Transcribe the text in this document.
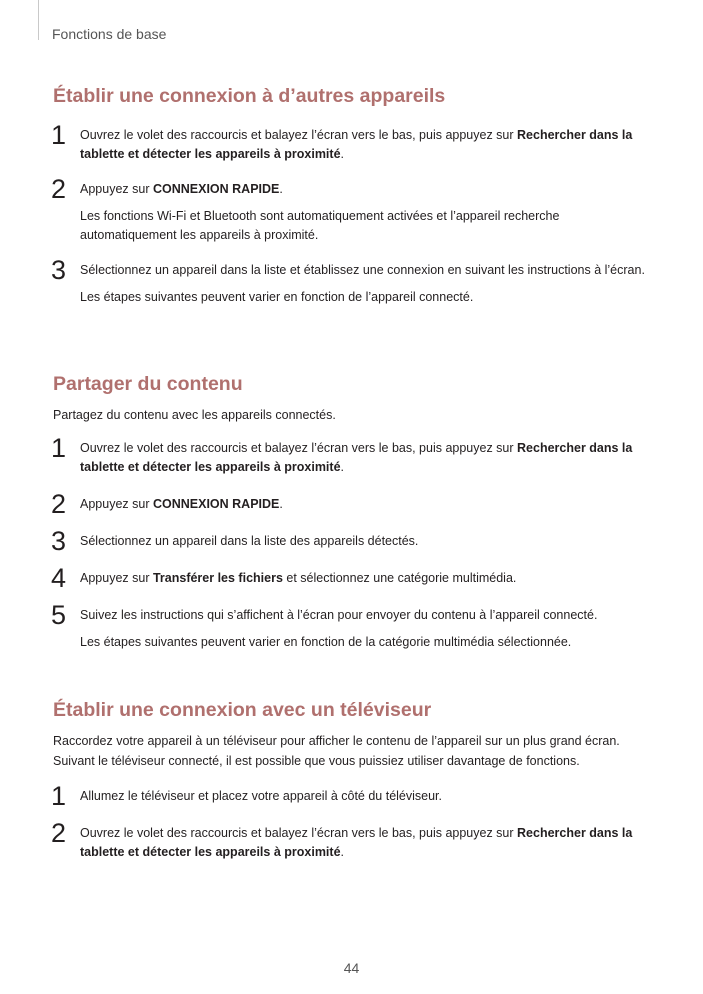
Fonctions de base
Établir une connexion à d’autres appareils
1 Ouvrez le volet des raccourcis et balayez l’écran vers le bas, puis appuyez sur Rechercher dans la tablette et détecter les appareils à proximité.

2 Appuyez sur CONNEXION RAPIDE.

Les fonctions Wi-Fi et Bluetooth sont automatiquement activées et l’appareil recherche automatiquement les appareils à proximité.

3 Sélectionnez un appareil dans la liste et établissez une connexion en suivant les instructions à l’écran.

Les étapes suivantes peuvent varier en fonction de l’appareil connecté.

Partager du contenu

Partagez du contenu avec les appareils connectés.

1 Ouvrez le volet des raccourcis et balayez l’écran vers le bas, puis appuyez sur Rechercher dans la tablette et détecter les appareils à proximité.

2 Appuyez sur CONNEXION RAPIDE.

3 Sélectionnez un appareil dans la liste des appareils détectés.

4 Appuyez sur Transférer les fichiers et sélectionnez une catégorie multimédia.

5 Suivez les instructions qui s’affichent à l’écran pour envoyer du contenu à l’appareil connecté.

Les étapes suivantes peuvent varier en fonction de la catégorie multimédia sélectionnée.

Établir une connexion avec un téléviseur

Raccordez votre appareil à un téléviseur pour afficher le contenu de l’appareil sur un plus grand écran. Suivant le téléviseur connecté, il est possible que vous puissiez utiliser davantage de fonctions.

1 Allumez le téléviseur et placez votre appareil à côté du téléviseur.

2 Ouvrez le volet des raccourcis et balayez l’écran vers le bas, puis appuyez sur Rechercher dans la tablette et détecter les appareils à proximité.

44
